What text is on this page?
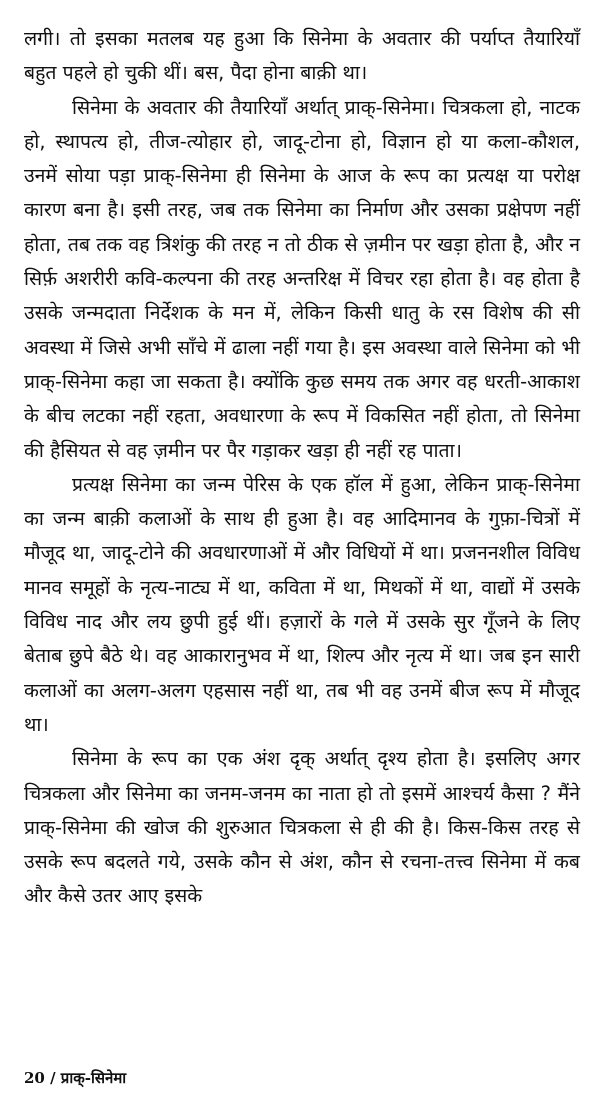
लगी। तो इसका मतलब यह हुआ कि सिनेमा के अवतार की पर्याप्त तैयारियाँ बहुत पहले हो चुकी थीं। बस, पैदा होना बाक़ी था।

सिनेमा के अवतार की तैयारियाँ अर्थात् प्राक्-सिनेमा। चित्रकला हो, नाटक हो, स्थापत्य हो, तीज-त्योहार हो, जादू-टोना हो, विज्ञान हो या कला-कौशल, उनमें सोया पड़ा प्राक्-सिनेमा ही सिनेमा के आज के रूप का प्रत्यक्ष या परोक्ष कारण बना है। इसी तरह, जब तक सिनेमा का निर्माण और उसका प्रक्षेपण नहीं होता, तब तक वह त्रिशंकु की तरह न तो ठीक से ज़मीन पर खड़ा होता है, और न सिर्फ़ अशरीरी कवि-कल्पना की तरह अन्तरिक्ष में विचर रहा होता है। वह होता है उसके जन्मदाता निर्देशक के मन में, लेकिन किसी धातु के रस विशेष की सी अवस्था में जिसे अभी साँचे में ढाला नहीं गया है। इस अवस्था वाले सिनेमा को भी प्राक्-सिनेमा कहा जा सकता है। क्योंकि कुछ समय तक अगर वह धरती-आकाश के बीच लटका नहीं रहता, अवधारणा के रूप में विकसित नहीं होता, तो सिनेमा की हैसियत से वह ज़मीन पर पैर गड़ाकर खड़ा ही नहीं रह पाता।

प्रत्यक्ष सिनेमा का जन्म पेरिस के एक हॉल में हुआ, लेकिन प्राक्-सिनेमा का जन्म बाक़ी कलाओं के साथ ही हुआ है। वह आदिमानव के गुफ़ा-चित्रों में मौजूद था, जादू-टोने की अवधारणाओं में और विधियों में था। प्रजननशील विविध मानव समूहों के नृत्य-नाट्य में था, कविता में था, मिथकों में था, वाद्यों में उसके विविध नाद और लय छुपी हुई थीं। हज़ारों के गले में उसके सुर गूँजने के लिए बेताब छुपे बैठे थे। वह आकारानुभव में था, शिल्प और नृत्य में था। जब इन सारी कलाओं का अलग-अलग एहसास नहीं था, तब भी वह उनमें बीज रूप में मौजूद था।

सिनेमा के रूप का एक अंश दृक् अर्थात् दृश्य होता है। इसलिए अगर चित्रकला और सिनेमा का जनम-जनम का नाता हो तो इसमें आश्चर्य कैसा ? मैंने प्राक्-सिनेमा की खोज की शुरुआत चित्रकला से ही की है। किस-किस तरह से उसके रूप बदलते गये, उसके कौन से अंश, कौन से रचना-तत्त्व सिनेमा में कब और कैसे उतर आए इसके

20 / प्राक्-सिनेमा
